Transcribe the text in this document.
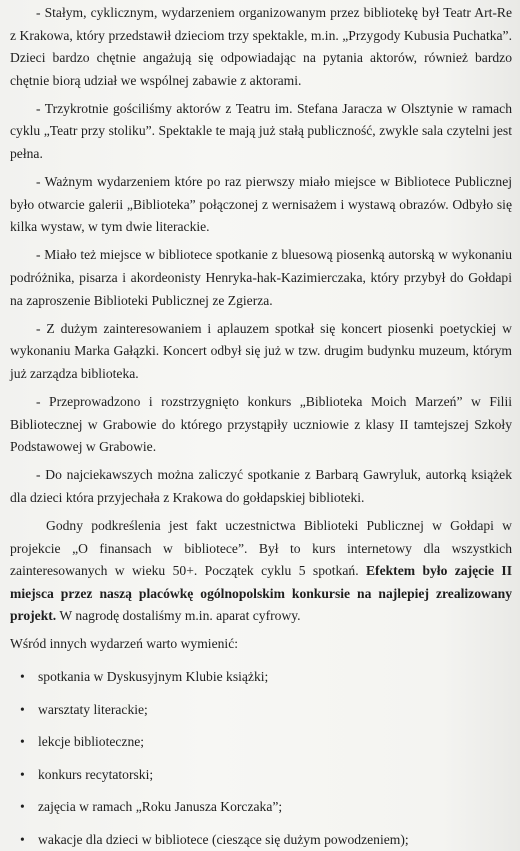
- Stałym, cyklicznym, wydarzeniem organizowanym przez bibliotekę był Teatr Art-Re z Krakowa, który przedstawił dzieciom trzy spektakle, m.in. „Przygody Kubusia Puchatka”. Dzieci bardzo chętnie angażują się odpowiadając na pytania aktorów, również bardzo chętnie biorą udział we wspólnej zabawie z aktorami.

- Trzykrotnie gościliśmy aktorów z Teatru im. Stefana Jaracza w Olsztynie w ramach cyklu „Teatr przy stoliku”. Spektakle te mają już stałą publiczność, zwykle sala czytelni jest pełna.

- Ważnym wydarzeniem które po raz pierwszy miało miejsce w Bibliotece Publicznej było otwarcie galerii „Biblioteka” połączonej z wernisażem i wystawą obrazów. Odbyło się kilka wystaw, w tym dwie literackie.

- Miało też miejsce w bibliotece spotkanie z bluesową piosenką autorską w wykonaniu podróżnika, pisarza i akordeonisty Henryka-hak-Kazimierczaka, który przybył do Gołdapi na zaproszenie Biblioteki Publicznej ze Zgierza.

- Z dużym zainteresowaniem i aplauzem spotkał się koncert piosenki poetyckiej w wykonaniu Marka Gałązki. Koncert odbył się już w tzw. drugim budynku muzeum, którym już zarządza biblioteka.

- Przeprowadzono i rozstrzygnięto konkurs „Biblioteka Moich Marzeń” w Filii Bibliotecznej w Grabowie do którego przystąpiły uczniowie z klasy II tamtejszej Szkoły Podstawowej w Grabowie.

- Do najciekawszych można zaliczyć spotkanie z Barbarą Gawryluk, autorką książek dla dzieci która przyjechała z Krakowa do gołdapskiej biblioteki.

Godny podkreślenia jest fakt uczestnictwa Biblioteki Publicznej w Gołdapi w projekcie „O finansach w bibliotece”. Był to kurs internetowy dla wszystkich zainteresowanych w wieku 50+. Początek cyklu 5 spotkań. Efektem było zajęcie II miejsca przez naszą placówkę ogólnopolskim konkursie na najlepiej zrealizowany projekt. W nagrodę dostaliśmy m.in. aparat cyfrowy.

Wśród innych wydarzeń warto wymienić:

• spotkania w Dyskusyjnym Klubie książki;
• warsztaty literackie;
• lekcje biblioteczne;
• konkurs recytatorski;
• zajęcia w ramach „Roku Janusza Korczaka”;
• wakacje dla dzieci w bibliotece (cieszące się dużym powodzeniem);
